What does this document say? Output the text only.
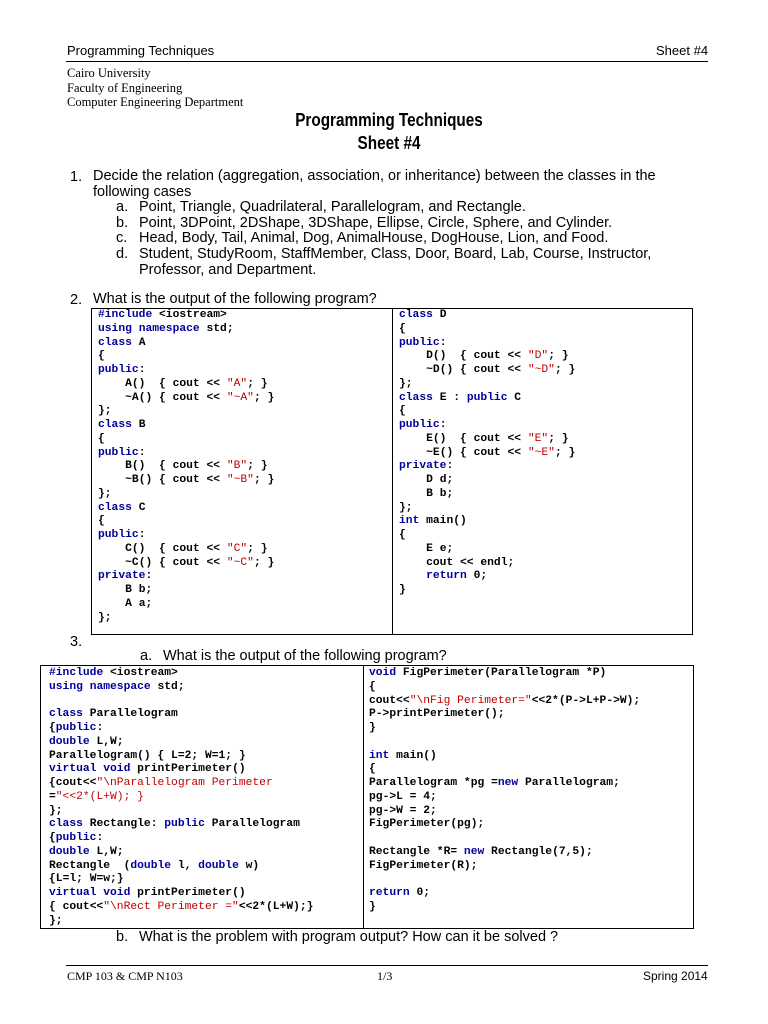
Programming Techniques	Sheet #4
Cairo University
Faculty of Engineering
Computer Engineering Department
Programming Techniques
Sheet #4
1. Decide the relation (aggregation, association, or inheritance) between the classes in the following cases
a. Point, Triangle, Quadrilateral, Parallelogram, and Rectangle.
b. Point, 3DPoint, 2DShape, 3DShape, Ellipse, Circle, Sphere, and Cylinder.
c. Head, Body, Tail, Animal, Dog, AnimalHouse, DogHouse, Lion, and Food.
d. Student, StudyRoom, StaffMember, Class, Door, Board, Lab, Course, Instructor, Professor, and Department.
2. What is the output of the following program?
#include <iostream>
using namespace std;
class A
{
public:
A()  { cout << "A"; }
~A() { cout << "~A"; }
};
class B
{
public:
B()  { cout << "B"; }
~B() { cout << "~B"; }
};
class C
{
public:
C()  { cout << "C"; }
~C() { cout << "~C"; }
private:
B b;
A a;
};
class D
{
public:
D()  { cout << "D"; }
~D() { cout << "~D"; }
};
class E : public C
{
public:
E()  { cout << "E"; }
~E() { cout << "~E"; }
private:
D d;
B b;
};
int main()
{
E e;
cout << endl;
return 0;
}
3.
a. What is the output of the following program?
#include <iostream>
using namespace std;

class Parallelogram
{public:
double L,W;
Parallelogram() { L=2; W=1; }
virtual void printPerimeter()
{cout<<"\nParallelogram Perimeter
="<<2*(L+W); }
};
class Rectangle: public Parallelogram
{public:
double L,W;
Rectangle  (double l, double w)
{L=l; W=w;}
virtual void printPerimeter()
{ cout<<"\nRect Perimeter ="<<2*(L+W);}
};
void FigPerimeter(Parallelogram *P)
{
cout<<"\nFig Perimeter="<<2*(P->L+P->W);
P->printPerimeter();
}

int main()
{
Parallelogram *pg =new Parallelogram;
pg->L = 4;
pg->W = 2;
FigPerimeter(pg);

Rectangle *R= new Rectangle(7,5);
FigPerimeter(R);

return 0;
}
b. What is the problem with program output? How can it be solved ?
CMP 103 & CMP N103	1/3	Spring 2014
